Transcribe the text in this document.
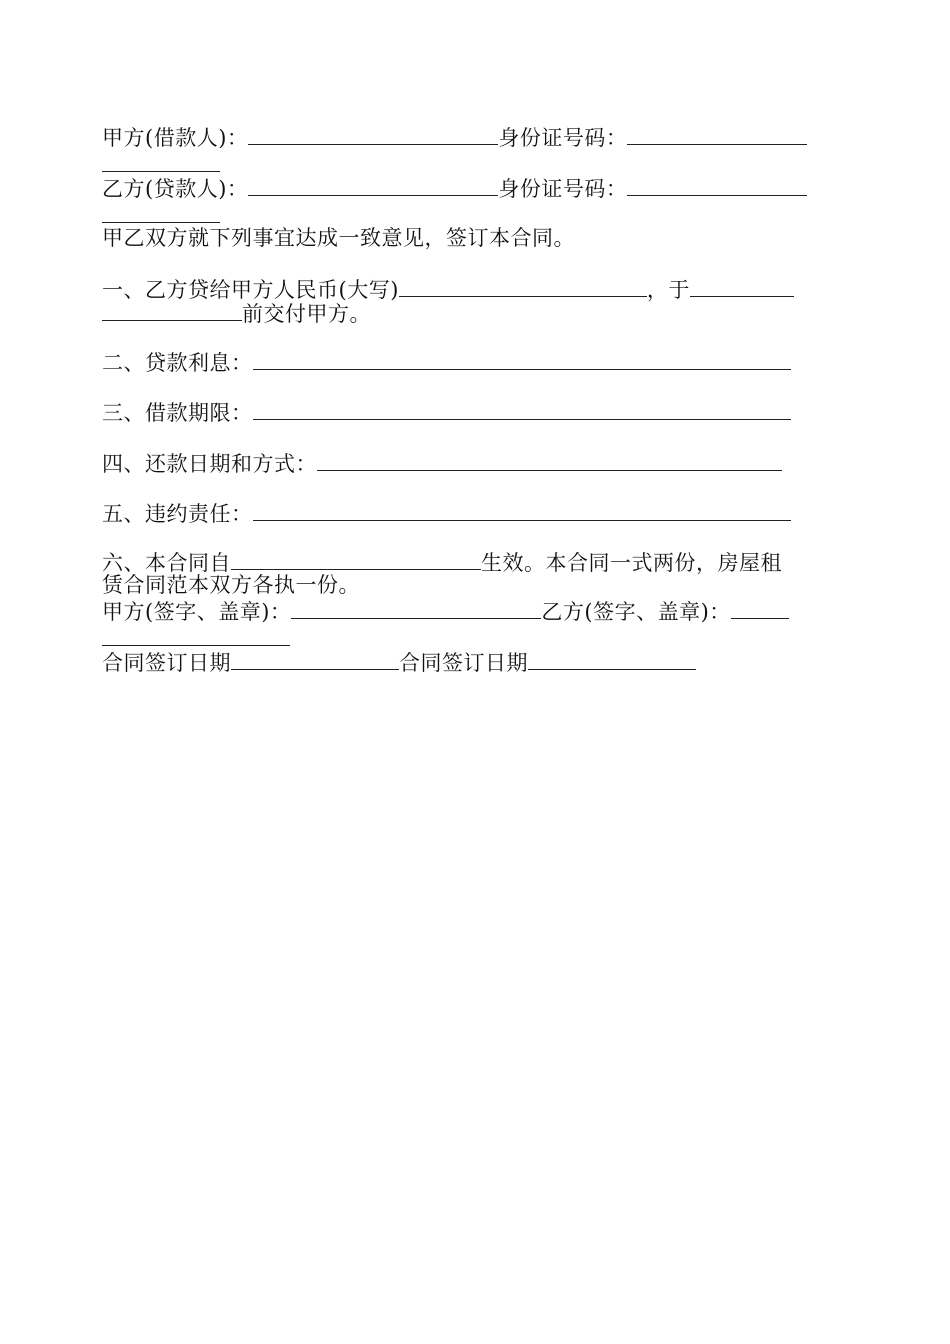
甲方(借款人)：	身份证号码：
乙方(贷款人)：	身份证号码：
甲乙双方就下列事宜达成一致意见，签订本合同。
一、乙方贷给甲方人民币(大写)	，于
前交付甲方。
二、贷款利息：
三、借款期限：
四、还款日期和方式：
五、违约责任：
六、本合同自	生效。本合同一式两份，房屋租
赁合同范本双方各执一份。
甲方(签字、盖章)：	乙方(签字、盖章)：
合同签订日期	合同签订日期
